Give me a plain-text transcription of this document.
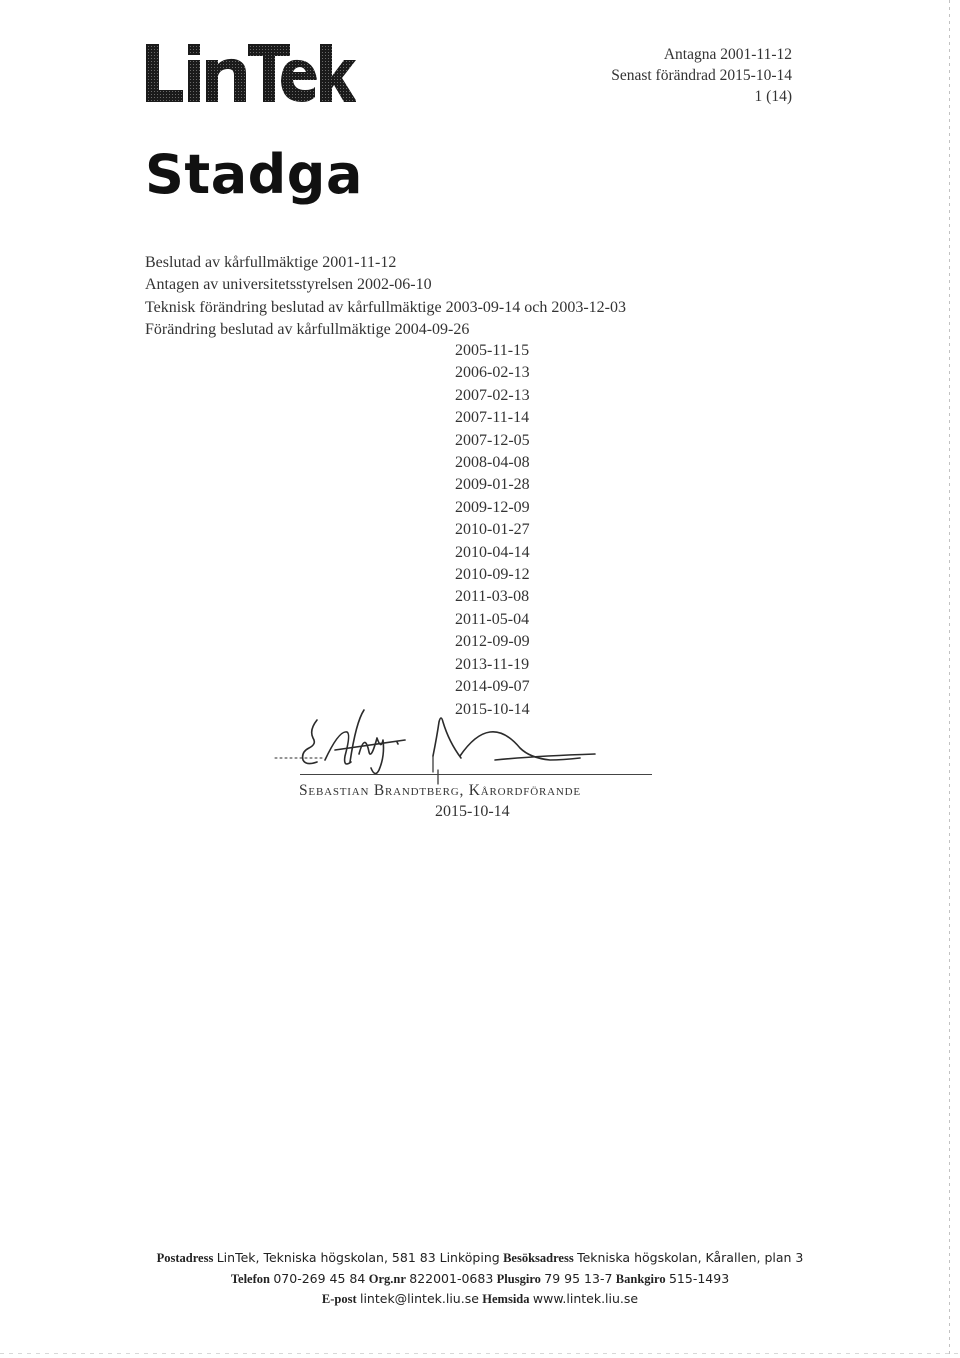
Antagna 2001-11-12
Senast förändrad 2015-10-14
1 (14)
Stadga
Beslutad av kårfullmäktige 2001-11-12
Antagen av universitetsstyrelsen 2002-06-10
Teknisk förändring beslutad av kårfullmäktige 2003-09-14 och 2003-12-03
Förändring beslutad av kårfullmäktige 2004-09-26
2005-11-15
2006-02-13
2007-02-13
2007-11-14
2007-12-05
2008-04-08
2009-01-28
2009-12-09
2010-01-27
2010-04-14
2010-09-12
2011-03-08
2011-05-04
2012-09-09
2013-11-19
2014-09-07
2015-10-14
Sebastian Brandtberg, Kårordförande
2015-10-14
Postadress LinTek, Tekniska högskolan, 581 83 Linköping Besöksadress Tekniska högskolan, Kårallen, plan 3
Telefon 070-269 45 84 Org.nr 822001-0683 Plusgiro 79 95 13-7 Bankgiro 515-1493
E-post lintek@lintek.liu.se Hemsida www.lintek.liu.se
